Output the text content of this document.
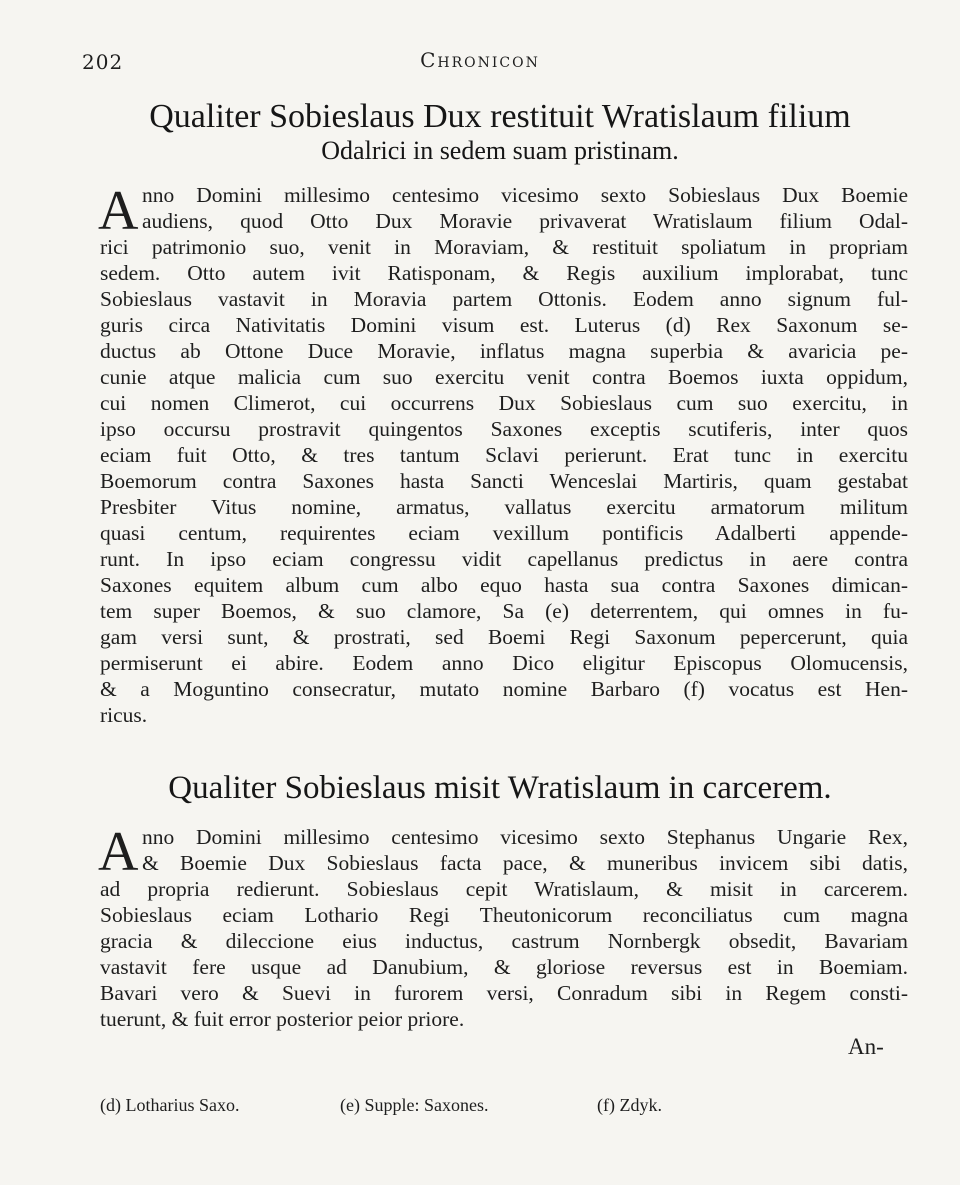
202	Chronicon
Qualiter Sobieslaus Dux restituit Wratislaum filium
Odalrici in sedem suam pristinam.
A nno Domini millesimo centesimo vicesimo sexto Sobieslaus Dux Boemie
audiens, quod Otto Dux Moravie privaverat Wratislaum filium Odal-
rici patrimonio suo, venit in Moraviam, & restituit spoliatum in propriam
sedem. Otto autem ivit Ratisponam, & Regis auxilium implorabat, tunc
Sobieslaus vastavit in Moravia partem Ottonis. Eodem anno signum ful-
guris circa Nativitatis Domini visum est. Luterus (d) Rex Saxonum se-
ductus ab Ottone Duce Moravie, inflatus magna superbia & avaricia pe-
cunie atque malicia cum suo exercitu venit contra Boemos iuxta oppidum,
cui nomen Climerot, cui occurrens Dux Sobieslaus cum suo exercitu, in
ipso occursu prostravit quingentos Saxones exceptis scutiferis, inter quos
eciam fuit Otto, & tres tantum Sclavi perierunt. Erat tunc in exercitu
Boemorum contra Saxones hasta Sancti Wenceslai Martiris, quam gestabat
Presbiter Vitus nomine, armatus, vallatus exercitu armatorum militum
quasi centum, requirentes eciam vexillum pontificis Adalberti appende-
runt. In ipso eciam congressu vidit capellanus predictus in aere contra
Saxones equitem album cum albo equo hasta sua contra Saxones dimican-
tem super Boemos, & suo clamore, Sa (e) deterrentem, qui omnes in fu-
gam versi sunt, & prostrati, sed Boemi Regi Saxonum pepercerunt, quia
permiserunt ei abire. Eodem anno Dico eligitur Episcopus Olomucensis,
& a Moguntino consecratur, mutato nomine Barbaro (f) vocatus est Hen-
ricus.
Qualiter Sobieslaus misit Wratislaum in carcerem.
A nno Domini millesimo centesimo vicesimo sexto Stephanus Ungarie Rex,
& Boemie Dux Sobieslaus facta pace, & muneribus invicem sibi datis,
ad propria redierunt. Sobieslaus cepit Wratislaum, & misit in carcerem.
Sobieslaus eciam Lothario Regi Theutonicorum reconciliatus cum magna
gracia & dileccione eius inductus, castrum Nornbergk obsedit, Bavariam
vastavit fere usque ad Danubium, & gloriose reversus est in Boemiam.
Bavari vero & Suevi in furorem versi, Conradum sibi in Regem consti-
tuerunt, & fuit error posterior peior priore.
An-
(d) Lotharius Saxo.	(e) Supple: Saxones.	(f) Zdyk.
